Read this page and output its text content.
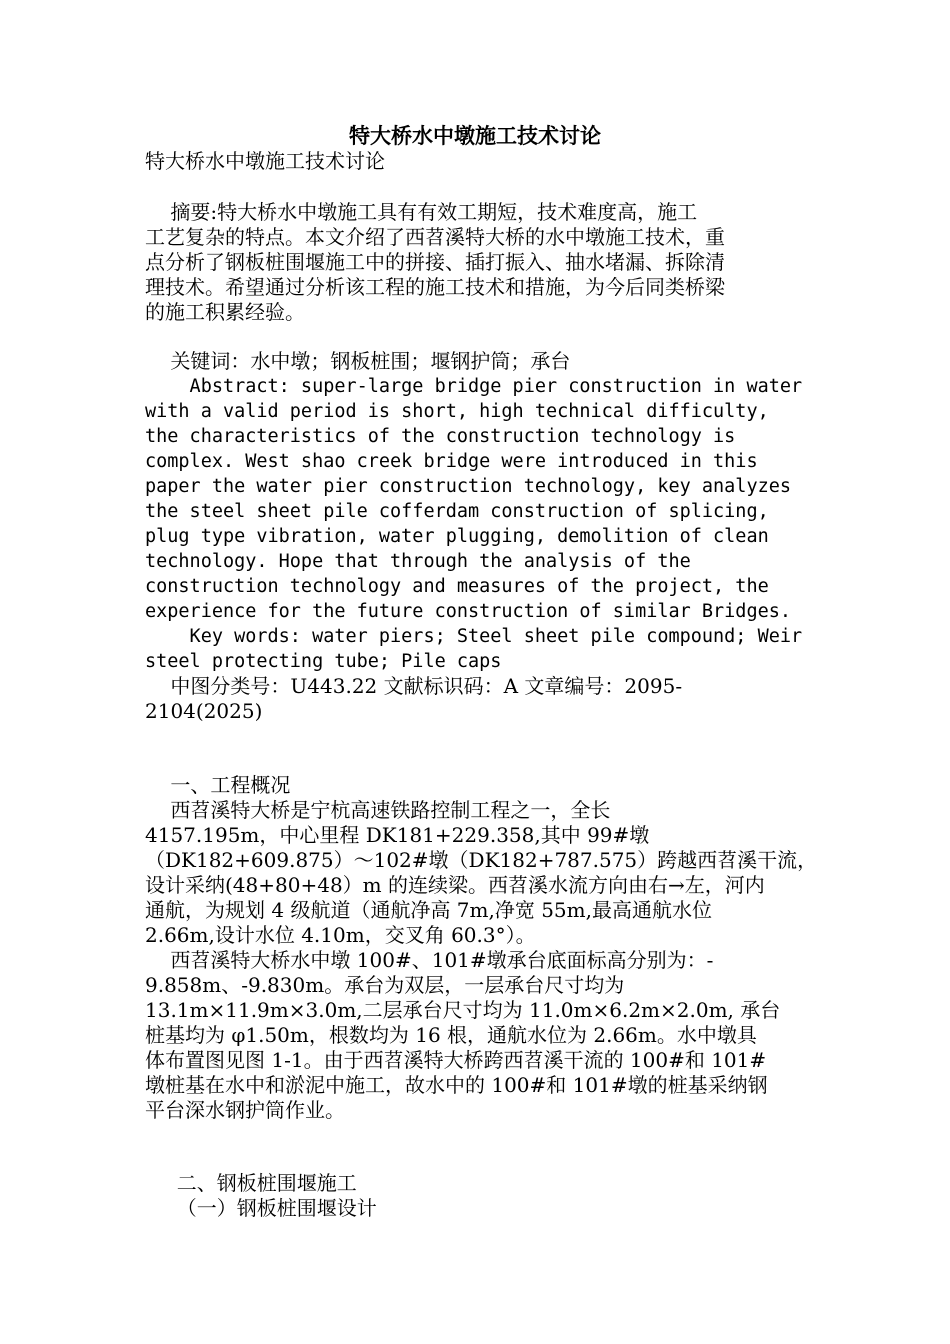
特大桥水中墩施工技术讨论
特大桥水中墩施工技术讨论
摘要:特大桥水中墩施工具有有效工期短，技术难度高，施工
工艺复杂的特点。本文介绍了西苕溪特大桥的水中墩施工技术，重
点分析了钢板桩围堰施工中的拼接、插打振入、抽水堵漏、拆除清
理技术。希望通过分析该工程的施工技术和措施，为今后同类桥梁
的施工积累经验。
关键词：水中墩；钢板桩围；堰钢护筒；承台
Abstract: super-large bridge pier construction in water
with a valid period is short, high technical difficulty,
the characteristics of the construction technology is
complex. West shao creek bridge were introduced in this
paper the water pier construction technology, key analyzes
the steel sheet pile cofferdam construction of splicing,
plug type vibration, water plugging, demolition of clean
technology. Hope that through the analysis of the
construction technology and measures of the project, the
experience for the future construction of similar Bridges.
Key words: water piers; Steel sheet pile compound; Weir
steel protecting tube; Pile caps
中图分类号：U443.22 文献标识码：A 文章编号：2095-
2104(2025)
一、工程概况
西苕溪特大桥是宁杭高速铁路控制工程之一，全长
4157.195m，中心里程 DK181+229.358,其中 99#墩
（DK182+609.875）～102#墩（DK182+787.575）跨越西苕溪干流，
设计采纳(48+80+48）m 的连续梁。西苕溪水流方向由右→左，河内
通航，为规划 4 级航道（通航净高 7m,净宽 55m,最高通航水位
2.66m,设计水位 4.10m，交叉角 60.3°）。
西苕溪特大桥水中墩 100#、101#墩承台底面标高分别为：-
9.858m、-9.830m。承台为双层，一层承台尺寸均为
13.1m×11.9m×3.0m,二层承台尺寸均为 11.0m×6.2m×2.0m, 承台
桩基均为 φ1.50m，根数均为 16 根，通航水位为 2.66m。水中墩具
体布置图见图 1-1。由于西苕溪特大桥跨西苕溪干流的 100#和 101#
墩桩基在水中和淤泥中施工，故水中的 100#和 101#墩的桩基采纳钢
平台深水钢护筒作业。
二、钢板桩围堰施工
（一）钢板桩围堰设计
